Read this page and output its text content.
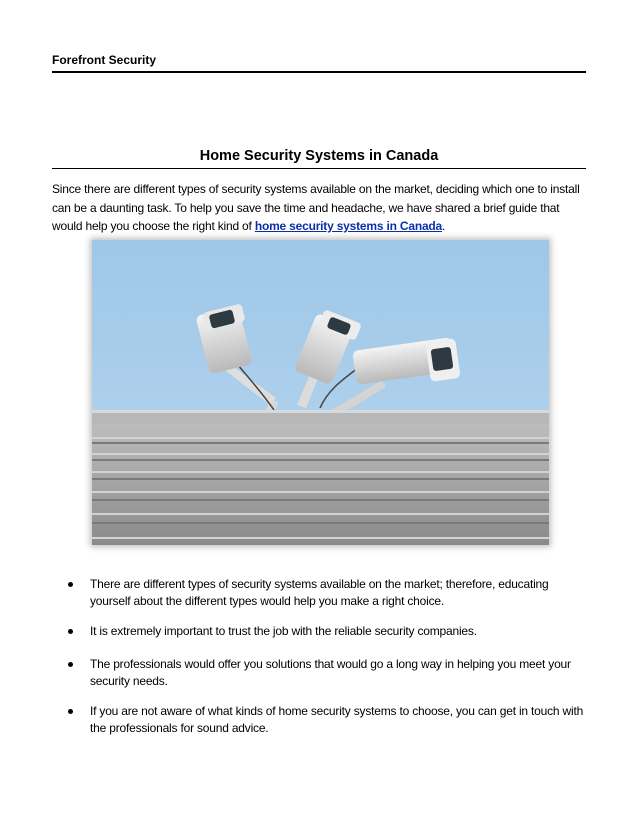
Forefront Security
Home Security Systems in Canada

Since there are different types of security systems available on the market, deciding which one to install can be a daunting task. To help you save the time and headache, we have shared a brief guide that would help you choose the right kind of home security systems in Canada.

There are different types of security systems available on the market; therefore, educating yourself about the different types would help you make a right choice.
It is extremely important to trust the job with the reliable security companies.
The professionals would offer you solutions that would go a long way in helping you meet your security needs.
If you are not aware of what kinds of home security systems to choose, you can get in touch with the professionals for sound advice.
